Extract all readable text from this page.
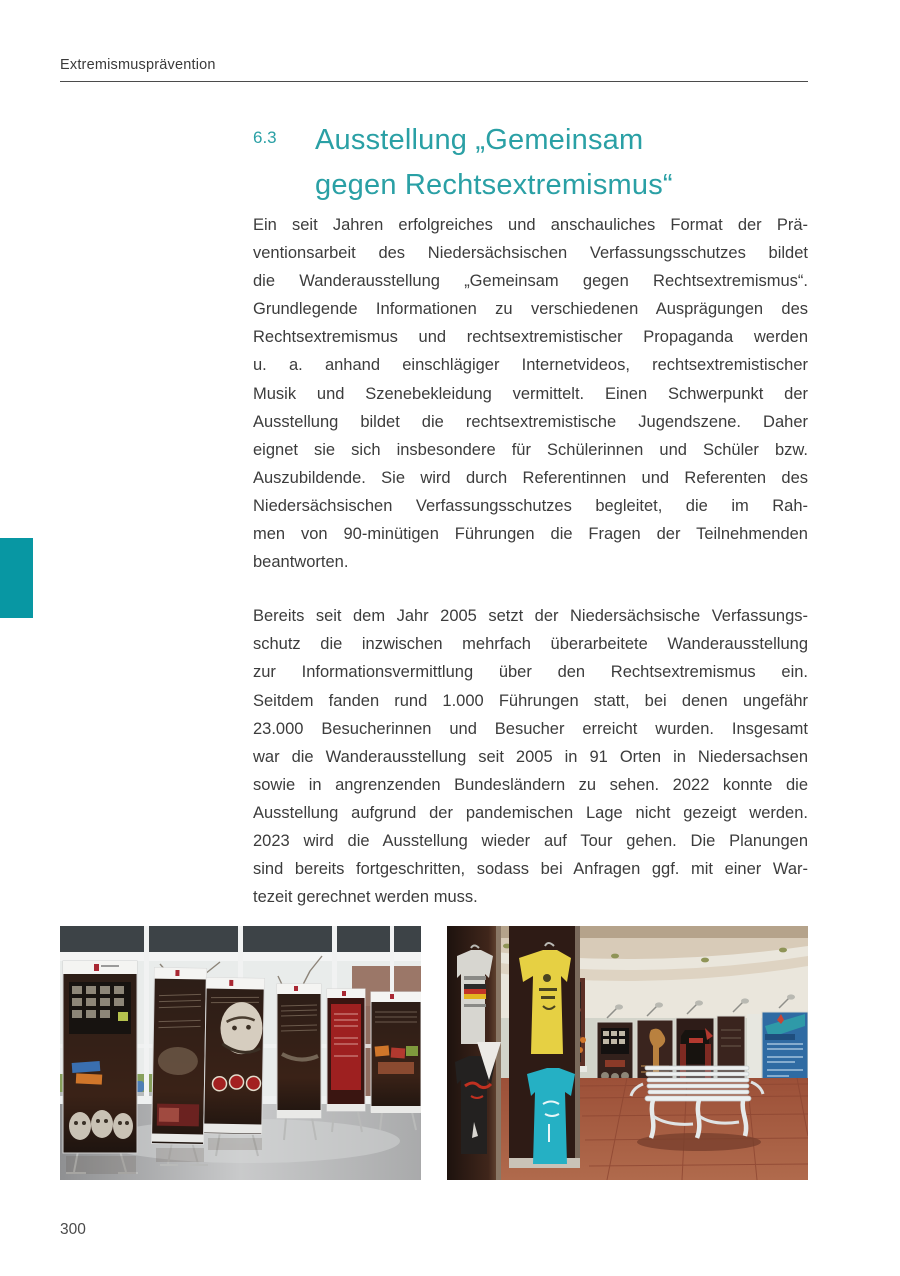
Extremismusprävention
6.3	Ausstellung „Gemeinsam
gegen Rechtsextremismus“
Ein seit Jahren erfolgreiches und anschauliches Format der Prä-
ventionsarbeit des Niedersächsischen Verfassungsschutzes bildet
die Wanderausstellung „Gemeinsam gegen Rechtsextremismus“.
Grundlegende Informationen zu verschiedenen Ausprägungen des
Rechtsextremismus und rechtsextremistischer Propaganda werden
u. a. anhand einschlägiger Internetvideos, rechtsextremistischer
Musik und Szenebekleidung vermittelt. Einen Schwerpunkt der
Ausstellung bildet die rechtsextremistische Jugendszene. Daher
eignet sie sich insbesondere für Schülerinnen und Schüler bzw.
Auszubildende. Sie wird durch Referentinnen und Referenten des
Niedersächsischen Verfassungsschutzes begleitet, die im Rah-
men von 90-minütigen Führungen die Fragen der Teilnehmenden
beantworten.
Bereits seit dem Jahr 2005 setzt der Niedersächsische Verfassungs-
schutz die inzwischen mehrfach überarbeitete Wanderausstellung
zur Informationsvermittlung über den Rechtsextremismus ein.
Seitdem fanden rund 1.000 Führungen statt, bei denen ungefähr
23.000 Besucherinnen und Besucher erreicht wurden. Insgesamt
war die Wanderausstellung seit 2005 in 91 Orten in Niedersachsen
sowie in angrenzenden Bundesländern zu sehen. 2022 konnte die
Ausstellung aufgrund der pandemischen Lage nicht gezeigt werden.
2023 wird die Ausstellung wieder auf Tour gehen. Die Planungen
sind bereits fortgeschritten, sodass bei Anfragen ggf. mit einer War-
tezeit gerechnet werden muss.
300
